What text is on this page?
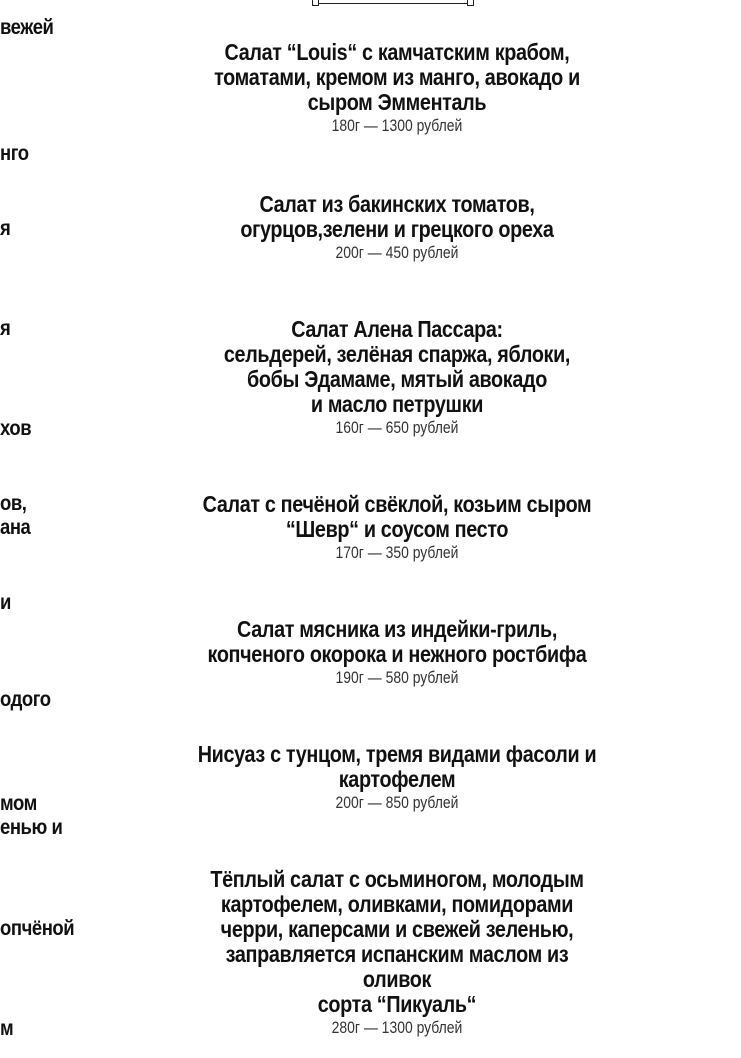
вежей
нго
я
я
хов
ов,
ана
и
одого
мом
енью и
опчёной
м
Салат “Louis“ с камчатским крабом,
томатами, кремом из манго, авокадо и
сыром Эмменталь
180г — 1300 рублей
Салат из бакинских томатов,
огурцов,зелени и грецкого ореха
200г — 450 рублей
Салат Алена Пассара:
сельдерей, зелёная спаржа, яблоки,
бобы Эдамаме, мятый авокадо
и масло петрушки
160г — 650 рублей
Салат с печёной свёклой, козьим сыром
“Шевр“ и соусом песто
170г — 350 рублей
Салат мясника из индейки-гриль,
копченого окорока и нежного ростбифа
190г — 580 рублей
Нисуаз с тунцом, тремя видами фасоли и
картофелем
200г — 850 рублей
Тёплый салат с осьминогом, молодым
картофелем, оливками, помидорами
черри, каперсами и свежей зеленью,
заправляется испанским маслом из оливок
сорта “Пикуаль“
280г — 1300 рублей
